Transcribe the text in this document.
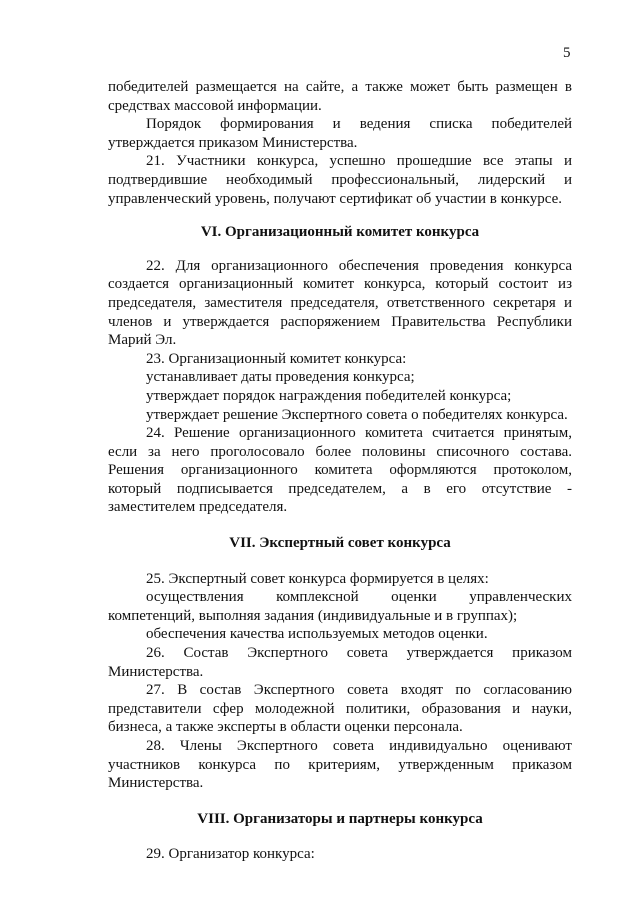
5

победителей размещается на сайте, а также может быть размещен в средствах массовой информации.

Порядок формирования и ведения списка победителей утверждается приказом Министерства.

21. Участники конкурса, успешно прошедшие все этапы и подтвердившие необходимый профессиональный, лидерский и управленческий уровень, получают сертификат об участии в конкурсе.

VI. Организационный комитет конкурса

22. Для организационного обеспечения проведения конкурса создается организационный комитет конкурса, который состоит из председателя, заместителя председателя, ответственного секретаря и членов и утверждается распоряжением Правительства Республики Марий Эл.

23. Организационный комитет конкурса:

устанавливает даты проведения конкурса;

утверждает порядок награждения победителей конкурса;

утверждает решение Экспертного совета о победителях конкурса.

24. Решение организационного комитета считается принятым, если за него проголосовало более половины списочного состава. Решения организационного комитета оформляются протоколом, который подписывается председателем, а в его отсутствие - заместителем председателя.

VII. Экспертный совет конкурса

25. Экспертный совет конкурса формируется в целях:

осуществления комплексной оценки управленческих компетенций, выполняя задания (индивидуальные и в группах);

обеспечения качества используемых методов оценки.

26. Состав Экспертного совета утверждается приказом Министерства.

27. В состав Экспертного совета входят по согласованию представители сфер молодежной политики, образования и науки, бизнеса, а также эксперты в области оценки персонала.

28. Члены Экспертного совета индивидуально оценивают участников конкурса по критериям, утвержденным приказом Министерства.

VIII. Организаторы и партнеры конкурса

29. Организатор конкурса:
